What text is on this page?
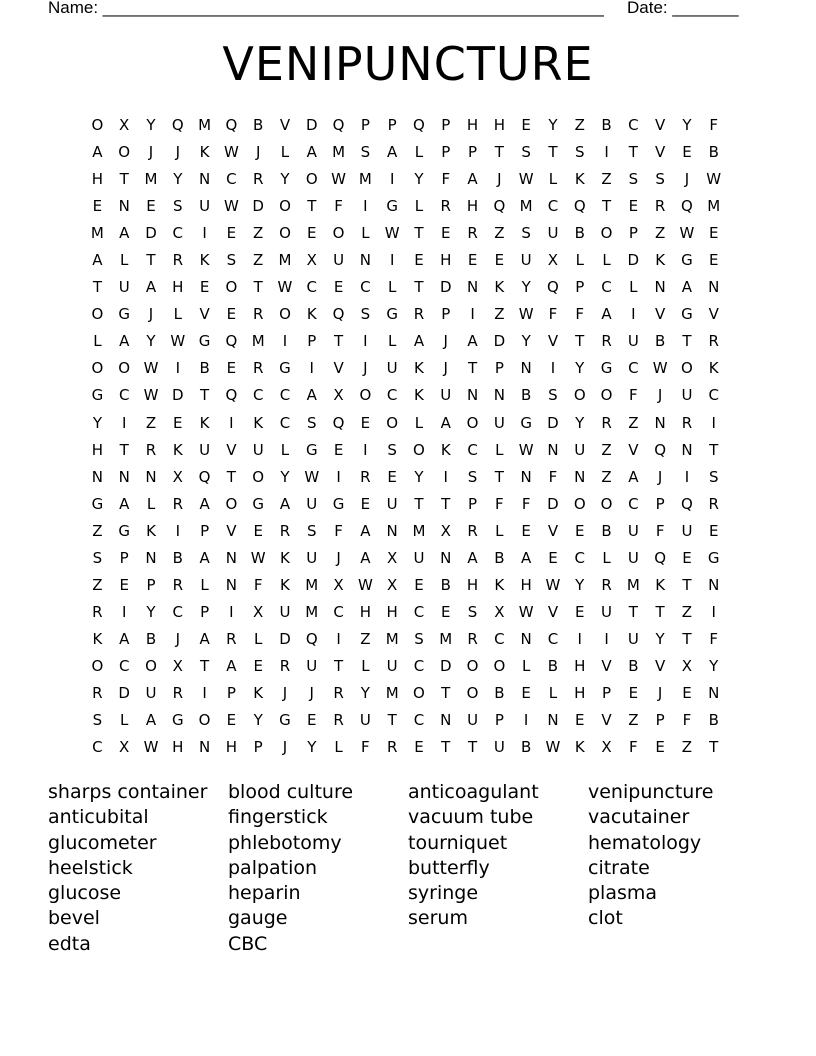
Name: _____________________________________________________ Date: _______
VENIPUNCTURE
O	X	Y	Q M Q	B	V	D	Q	P	P	Q	P	H	H	E	Y	Z	B	C	V	Y	F
A	O	J	J	K W	J	L	A	M	S	A	L	P	P	T	S	T	S	I	T	V	E	B
H	T	M	Y	N	C	R	Y	O W M	I	Y	F	A	J	W	L	K	Z	S	S	J	W
E	N	E	S	U W D	O	T	F	I	G	L	R	H	Q M	C	Q	T	E	R	Q M
M	A	D	C	I	E	Z	O	E	O	L	W T	E	R	Z	S	U	B	O	P	Z W E
A	L	T	R	K	S	Z	M	X	U	N	I	E	H	E	E	U	X	L	L	D	K	G	E
T	U	A	H	E	O	T W C	E	C	L	T	D	N	K	Y	Q	P	C	L	N	A	N
O	G	J	L	V	E	R	O	K	Q	S	G	R	P	I	Z W	F	F	A	I	V	G	V
L	A	Y W G	Q M	I	P	T	I	L	A	J	A	D	Y	V	T	R	U	B	T	R
O O W	I	B	E	R	G	I	V	J	U	K	J	T	P	N	I	Y	G	C W O	K
G	C W D	T	Q	C	C	A	X	O	C	K	U	N	N	B	S	O O	F	J	U	C
Y	I	Z	E	K	I	K	C	S	Q	E	O	L	A	O	U	G	D	Y	R	Z	N	R	I
H	T	R	K	U	V	U	L	G	E	I	S	O	K	C	L	W N	U	Z	V	Q	N	T
N	N	N	X	Q	T	O	Y W	I	R	E	Y	I	S	T	N	F	N	Z	A	J	I	S
G	A	L	R	A	O	G	A	U	G	E	U	T	T	P	F	F	D	O O	C	P	Q	R
Z	G	K	I	P	V	E	R	S	F	A	N M	X	R	L	E	V	E	B	U	F	U	E
S	P	N	B	A	N W K	U	J	A	X	U	N	A	B	A	E	C	L	U	Q	E	G
Z	E	P	R	L	N	F	K	M	X W X	E	B	H	K	H W Y	R	M	K	T	N
R	I	Y	C	P	I	X	U M	C	H	H	C	E	S	X W V	E	U	T	T	Z	I
K	A	B	J	A	R	L	D	Q	I	Z	M	S	M	R	C	N	C	I	I	U	Y	T	F
O	C	O	X	T	A	E	R	U	T	L	U	C	D	O O	L	B	H	V	B	V	X	Y
R	D	U	R	I	P	K	J	J	R	Y	M O	T	O	B	E	L	H	P	E	J	E	N
S	L	A	G	O	E	Y	G	E	R	U	T	C	N	U	P	I	N	E	V	Z	P	F	B
C	X W H	N	H	P	J	Y	L	F	R	E	T	T	U	B W K	X	F	E	Z	T
sharps container
anticubital
glucometer
heelstick
glucose
bevel
edta
blood culture
fingerstick
phlebotomy
palpation
heparin
gauge
CBC
anticoagulant
vacuum tube
tourniquet
butterfly
syringe
serum
venipuncture
vacutainer
hematology
citrate
plasma
clot
